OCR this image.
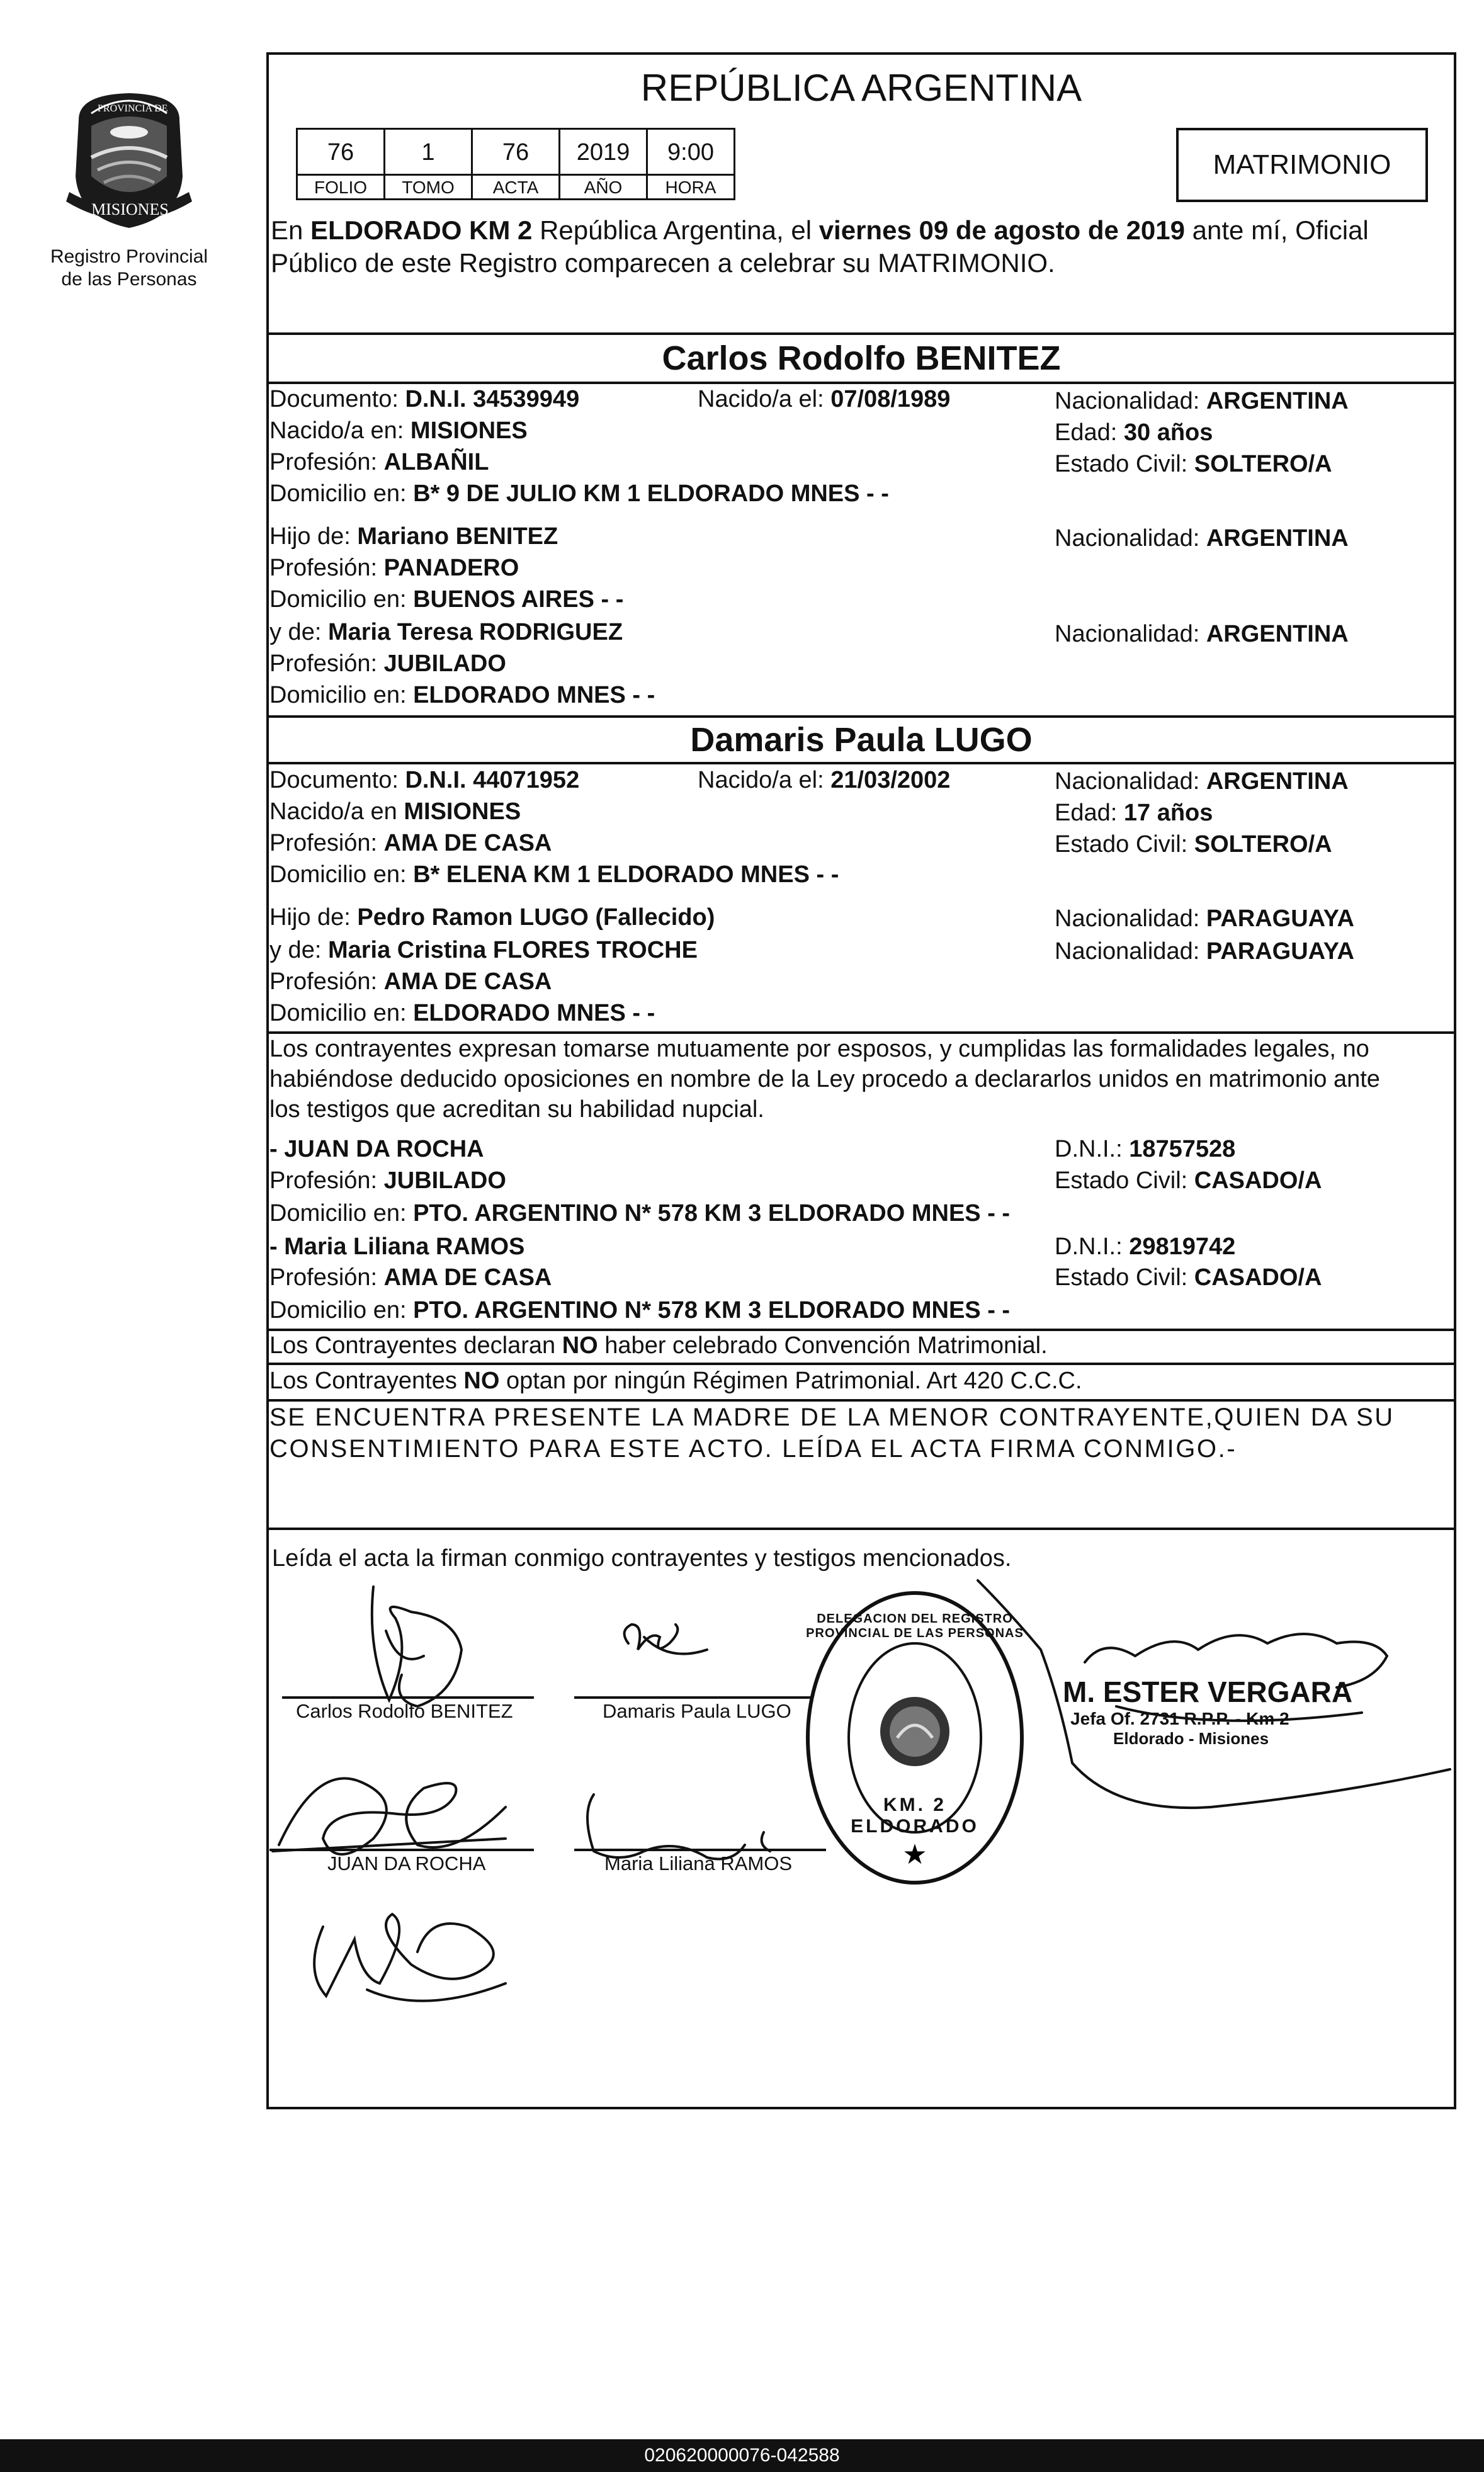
PROVINCIA DE
MISIONES
Registro Provincial
de las Personas
REPÚBLICA ARGENTINA
76	1	76	2019	9:00
FOLIO	TOMO	ACTA	AÑO	HORA
MATRIMONIO
En ELDORADO KM 2 República Argentina, el viernes 09 de agosto de 2019 ante mí, Oficial
Público de este Registro comparecen a celebrar su MATRIMONIO.
Carlos Rodolfo BENITEZ
Documento: D.N.I. 34539949	Nacido/a el: 07/08/1989	Nacionalidad: ARGENTINA
Nacido/a en: MISIONES	Edad: 30 años
Profesión: ALBAÑIL	Estado Civil: SOLTERO/A
Domicilio en: B* 9 DE JULIO KM 1 ELDORADO MNES - -
Hijo de: Mariano BENITEZ	Nacionalidad: ARGENTINA
Profesión: PANADERO
Domicilio en: BUENOS AIRES - -
y de: Maria Teresa RODRIGUEZ	Nacionalidad: ARGENTINA
Profesión: JUBILADO
Domicilio en: ELDORADO MNES - -
Damaris Paula LUGO
Documento: D.N.I. 44071952	Nacido/a el: 21/03/2002	Nacionalidad: ARGENTINA
Nacido/a en MISIONES	Edad: 17 años
Profesión: AMA DE CASA	Estado Civil: SOLTERO/A
Domicilio en: B* ELENA KM 1 ELDORADO MNES - -
Hijo de: Pedro Ramon LUGO (Fallecido)	Nacionalidad: PARAGUAYA
y de: Maria Cristina FLORES TROCHE	Nacionalidad: PARAGUAYA
Profesión: AMA DE CASA
Domicilio en: ELDORADO MNES - -
Los contrayentes expresan tomarse mutuamente por esposos, y cumplidas las formalidades legales, no
habiéndose deducido oposiciones en nombre de la Ley procedo a declararlos unidos en matrimonio ante
los testigos que acreditan su habilidad nupcial.
- JUAN DA ROCHA	D.N.I.: 18757528
Profesión: JUBILADO	Estado Civil: CASADO/A
Domicilio en: PTO. ARGENTINO N* 578 KM 3 ELDORADO MNES - -
- Maria Liliana RAMOS	D.N.I.: 29819742
Profesión: AMA DE CASA	Estado Civil: CASADO/A
Domicilio en: PTO. ARGENTINO N* 578 KM 3 ELDORADO MNES - -
Los Contrayentes declaran NO haber celebrado Convención Matrimonial.
Los Contrayentes NO optan por ningún Régimen Patrimonial. Art 420 C.C.C.
SE ENCUENTRA PRESENTE LA MADRE DE LA MENOR CONTRAYENTE,QUIEN DA SU
CONSENTIMIENTO PARA ESTE ACTO. LEÍDA EL ACTA FIRMA CONMIGO.-
Leída el acta la firman conmigo contrayentes y testigos mencionados.
Carlos Rodolfo BENITEZ	Damaris Paula LUGO
JUAN DA ROCHA	Maria Liliana RAMOS	★
DELEGACION DEL REGISTRO PROVINCIAL DE LAS PERSONAS
KM. 2 ELDORADO
M. ESTER VERGARA
Jefa Of. 2731 R.P.P. - Km 2
Eldorado - Misiones
020620000076-042588
